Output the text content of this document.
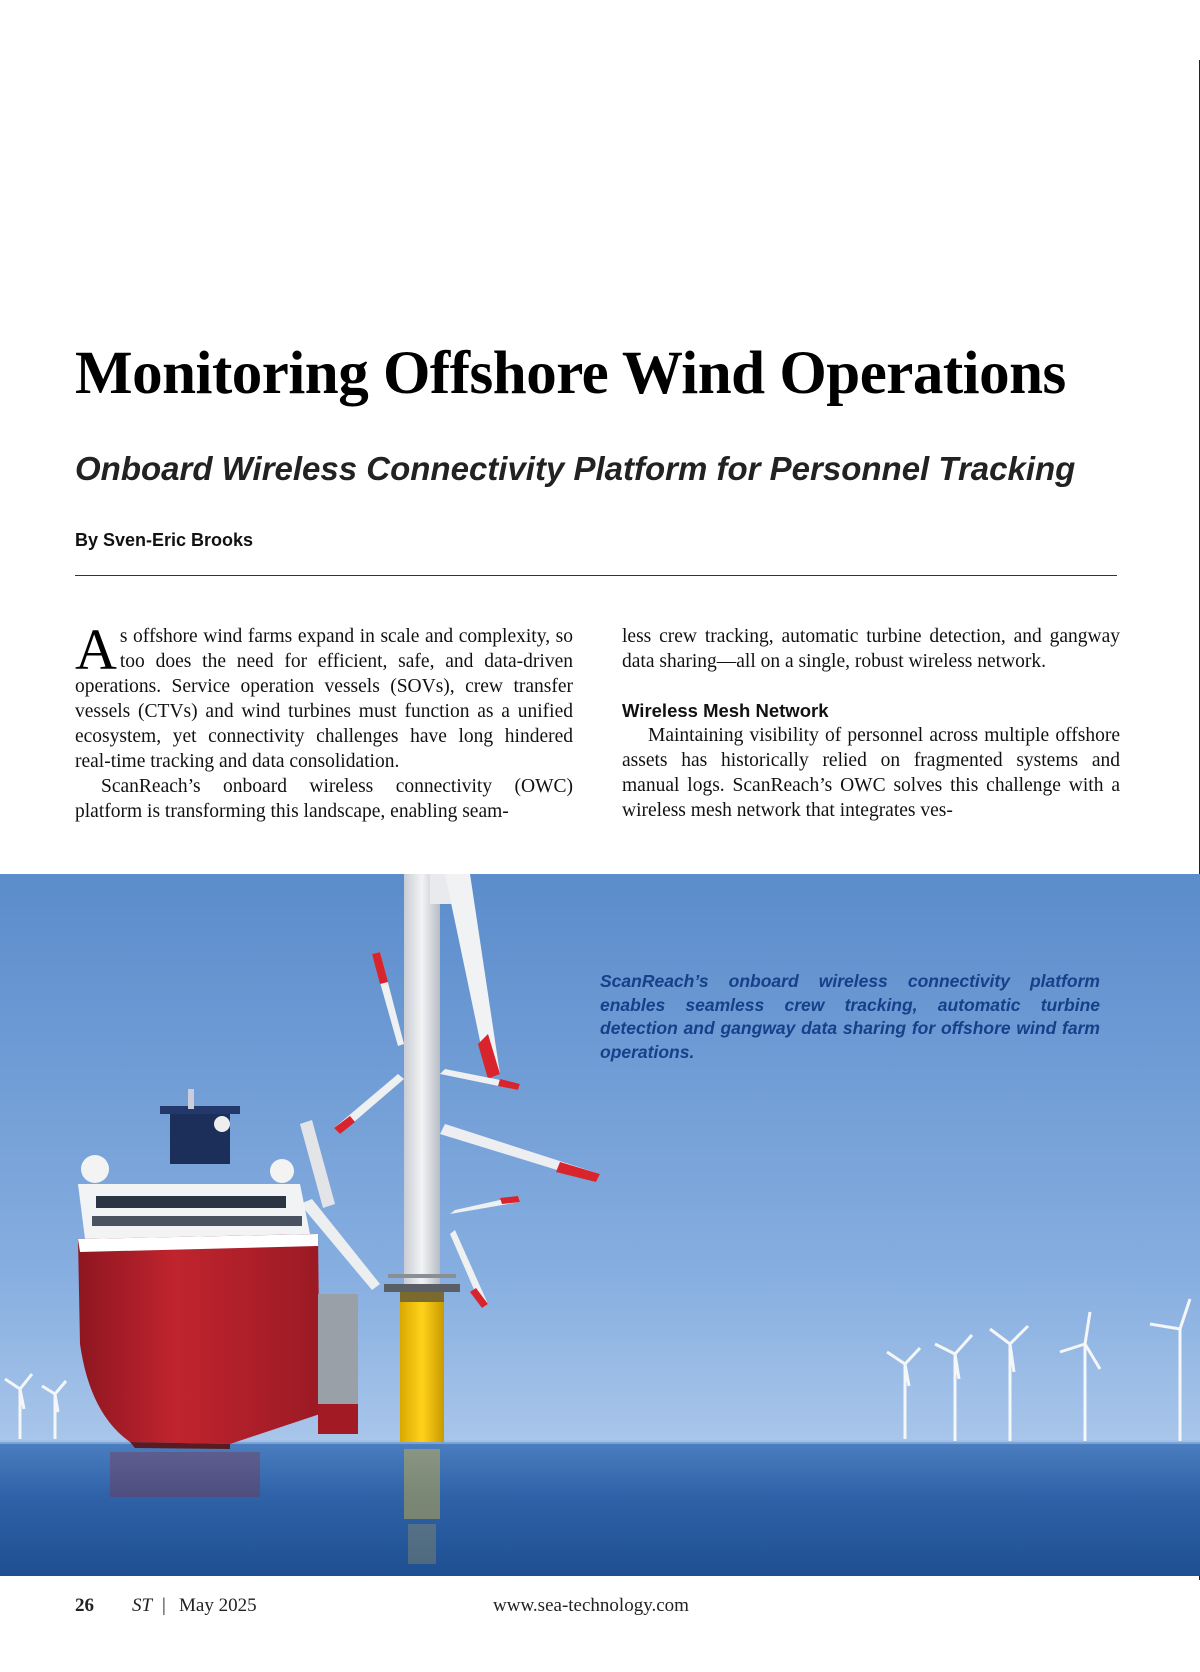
Monitoring Offshore Wind Operations
Onboard Wireless Connectivity Platform for Personnel Tracking
By Sven-Eric Brooks

As offshore wind farms expand in scale and complexity, so too does the need for efficient, safe, and data-driven operations. Service operation vessels (SOVs), crew transfer vessels (CTVs) and wind turbines must function as a unified ecosystem, yet connectivity challenges have long hindered real-time tracking and data consolidation.

ScanReach’s onboard wireless connectivity (OWC) platform is transforming this landscape, enabling seam-

less crew tracking, automatic turbine detection, and gangway data sharing—all on a single, robust wireless network.

Wireless Mesh Network

Maintaining visibility of personnel across multiple offshore assets has historically relied on fragmented systems and manual logs. ScanReach’s OWC solves this challenge with a wireless mesh network that integrates ves-

ScanReach’s onboard wireless connectivity platform enables seamless crew tracking, automatic turbine detection and gangway data sharing for offshore wind farm operations.
26 ST | May 2025	www.sea-technology.com
